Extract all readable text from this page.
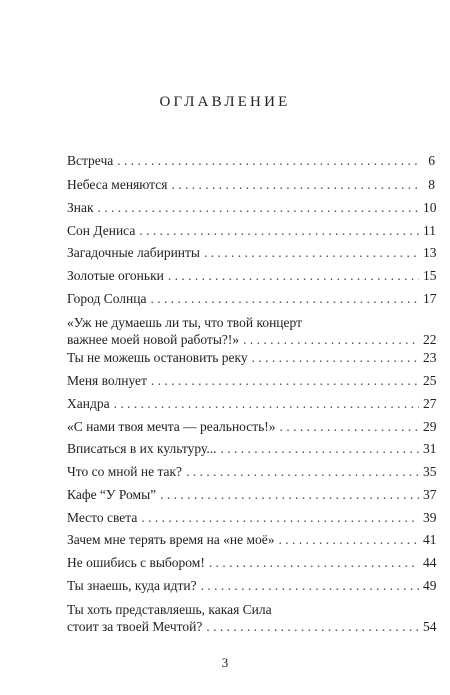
ОГЛАВЛЕНИЕ
Встреча . . .	6
Небеса меняются . . .	8
Знак . . .	10
Сон Дениса . . .	11
Загадочные лабиринты . . .	13
Золотые огоньки . . .	15
Город Солнца . . .	17
«Уж не думаешь ли ты, что твой концерт
важнее моей новой работы?!» . . .	22
Ты не можешь остановить реку . . .	23
Меня волнует . . .	25
Хандра . . .	27
«С нами твоя мечта — реальность!» . . .	29
Вписаться в их культуру... . . .	31
Что со мной не так? . . .	35
Кафе “У Ромы” . . .	37
Место света . . .	39
Зачем мне терять время на «не моё» . . .	41
Не ошибись с выбором! . . .	44
Ты знаешь, куда идти? . . .	49
Ты хоть представляешь, какая Сила
стоит за твоей Мечтой? . . .	54
3
